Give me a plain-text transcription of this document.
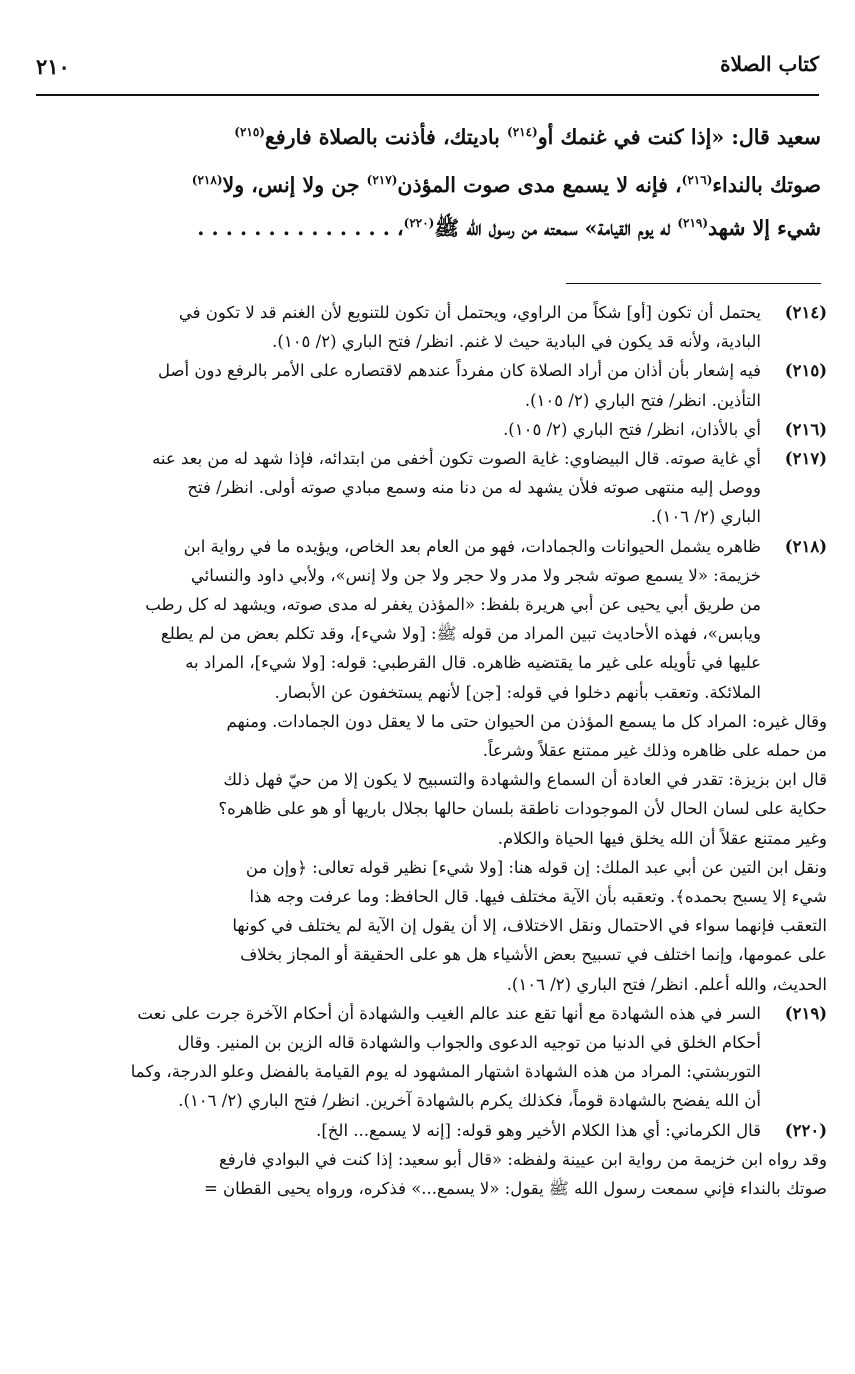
كتاب الصلاة
٢١٠

سعيد قال: «إذا كنت في غنمك أو$^{(٢١٤)}$ باديتك، فأذنت بالصلاة فارفع$^{(٢١٥)}$

صوتك بالنداء$^{(٢١٦)}$، فإنه لا يسمع مدى صوت المؤذن$^{(٢١٧)}$ جن ولا إنس، ولا$^{(٢١٨)}$

شيء إلا شهد$^{(٢١٩)}$ له يوم القيامة» سمعته من رسول الله ﷺ$^{(٢٢٠)}$، . . . . . . . . . . . . . .

(٢١٤)
يحتمل أن تكون [أو] شكاً من الراوي، ويحتمل أن تكون للتنويع لأن الغنم قد لا تكون في
البادية، ولأنه قد يكون في البادية حيث لا غنم. انظر/ فتح الباري (٢/ ١٠٥).
(٢١٥)
فيه إشعار بأن أذان من أراد الصلاة كان مفرداً عندهم لاقتصاره على الأمر بالرفع دون أصل
التأذين. انظر/ فتح الباري (٢/ ١٠٥).
(٢١٦)
أي بالأذان، انظر/ فتح الباري (٢/ ١٠٥).
(٢١٧)
أي غاية صوته. قال البيضاوي: غاية الصوت تكون أخفى من ابتدائه، فإذا شهد له من بعد عنه
ووصل إليه منتهى صوته فلأن يشهد له من دنا منه وسمع مبادي صوته أولى. انظر/ فتح
الباري (٢/ ١٠٦).
(٢١٨)
ظاهره يشمل الحيوانات والجمادات، فهو من العام بعد الخاص، ويؤيده ما في رواية ابن
خزيمة: «لا يسمع صوته شجر ولا مدر ولا حجر ولا جن ولا إنس»، ولأبي داود والنسائي
من طريق أبي يحيى عن أبي هريرة بلفظ: «المؤذن يغفر له مدى صوته، ويشهد له كل رطب
ويابس»، فهذه الأحاديث تبين المراد من قوله ﷺ: [ولا شيء]، وقد تكلم بعض من لم يطلع
عليها في تأويله على غير ما يقتضيه ظاهره. قال القرطبي: قوله: [ولا شيء]، المراد به
الملائكة. وتعقب بأنهم دخلوا في قوله: [جن] لأنهم يستخفون عن الأبصار.
وقال غيره: المراد كل ما يسمع المؤذن من الحيوان حتى ما لا يعقل دون الجمادات. ومنهم
من حمله على ظاهره وذلك غير ممتنع عقلاً وشرعاً.
قال ابن بزيزة: تقدر في العادة أن السماع والشهادة والتسبيح لا يكون إلا من حيّ فهل ذلك
حكاية على لسان الحال لأن الموجودات ناطقة بلسان حالها بجلال باريها أو هو على ظاهره؟
وغير ممتنع عقلاً أن الله يخلق فيها الحياة والكلام.
ونقل ابن التين عن أبي عبد الملك: إن قوله هنا: [ولا شيء] نظير قوله تعالى: ﴿وإن من
شيء إلا يسبح بحمده﴾. وتعقبه بأن الآية مختلف فيها. قال الحافظ: وما عرفت وجه هذا
التعقب فإنهما سواء في الاحتمال ونقل الاختلاف، إلا أن يقول إن الآية لم يختلف في كونها
على عمومها، وإنما اختلف في تسبيح بعض الأشياء هل هو على الحقيقة أو المجاز بخلاف
الحديث، والله أعلم. انظر/ فتح الباري (٢/ ١٠٦).
(٢١٩)
السر في هذه الشهادة مع أنها تقع عند عالم الغيب والشهادة أن أحكام الآخرة جرت على نعت
أحكام الخلق في الدنيا من توجيه الدعوى والجواب والشهادة قاله الزين بن المنير. وقال
التوربشتي: المراد من هذه الشهادة اشتهار المشهود له يوم القيامة بالفضل وعلو الدرجة، وكما
أن الله يفضح بالشهادة قوماً، فكذلك يكرم بالشهادة آخرين. انظر/ فتح الباري (٢/ ١٠٦).
(٢٢٠)
قال الكرماني: أي هذا الكلام الأخير وهو قوله: [إنه لا يسمع... الخ].
وقد رواه ابن خزيمة من رواية ابن عيينة ولفظه: «قال أبو سعيد: إذا كنت في البوادي فارفع
صوتك بالنداء فإني سمعت رسول الله ﷺ يقول: «لا يسمع...» فذكره، ورواه يحيى القطان =
